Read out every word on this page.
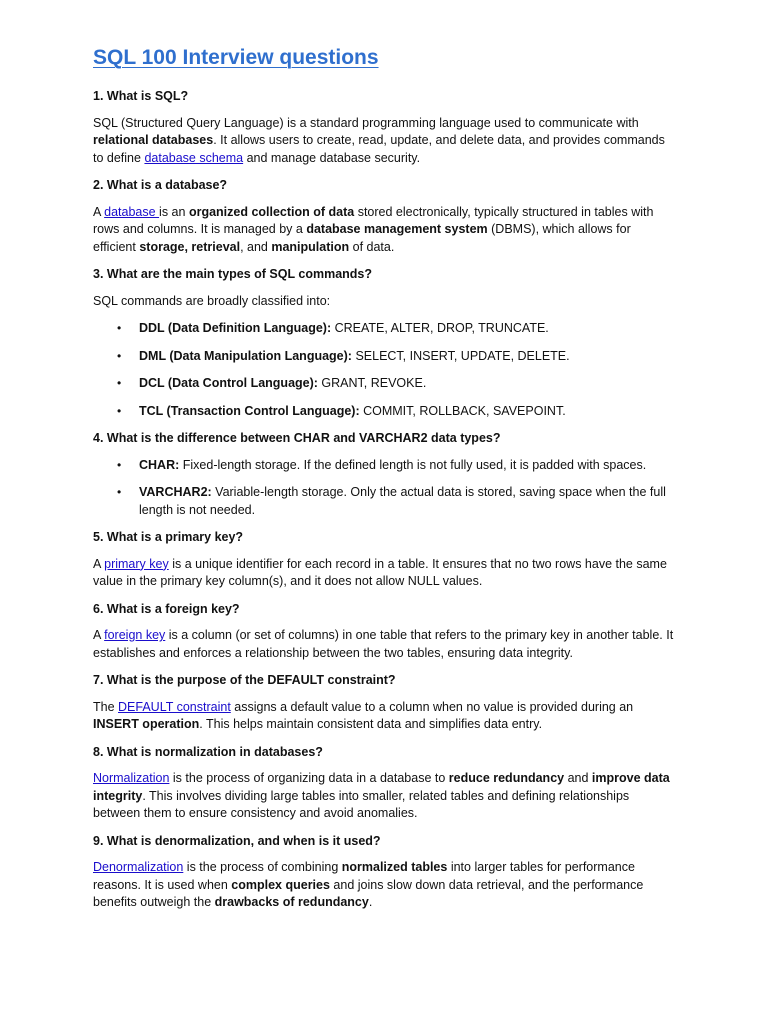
SQL 100 Interview questions
1. What is SQL?
SQL (Structured Query Language) is a standard programming language used to communicate with relational databases. It allows users to create, read, update, and delete data, and provides commands to define database schema and manage database security.
2. What is a database?
A database is an organized collection of data stored electronically, typically structured in tables with rows and columns. It is managed by a database management system (DBMS), which allows for efficient storage, retrieval, and manipulation of data.
3. What are the main types of SQL commands?
SQL commands are broadly classified into:
• DDL (Data Definition Language): CREATE, ALTER, DROP, TRUNCATE.
• DML (Data Manipulation Language): SELECT, INSERT, UPDATE, DELETE.
• DCL (Data Control Language): GRANT, REVOKE.
• TCL (Transaction Control Language): COMMIT, ROLLBACK, SAVEPOINT.
4. What is the difference between CHAR and VARCHAR2 data types?
• CHAR: Fixed-length storage. If the defined length is not fully used, it is padded with spaces.
• VARCHAR2: Variable-length storage. Only the actual data is stored, saving space when the full length is not needed.
5. What is a primary key?
A primary key is a unique identifier for each record in a table. It ensures that no two rows have the same value in the primary key column(s), and it does not allow NULL values.
6. What is a foreign key?
A foreign key is a column (or set of columns) in one table that refers to the primary key in another table. It establishes and enforces a relationship between the two tables, ensuring data integrity.
7. What is the purpose of the DEFAULT constraint?
The DEFAULT constraint assigns a default value to a column when no value is provided during an INSERT operation. This helps maintain consistent data and simplifies data entry.
8. What is normalization in databases?
Normalization is the process of organizing data in a database to reduce redundancy and improve data integrity. This involves dividing large tables into smaller, related tables and defining relationships between them to ensure consistency and avoid anomalies.
9. What is denormalization, and when is it used?
Denormalization is the process of combining normalized tables into larger tables for performance reasons. It is used when complex queries and joins slow down data retrieval, and the performance benefits outweigh the drawbacks of redundancy.
